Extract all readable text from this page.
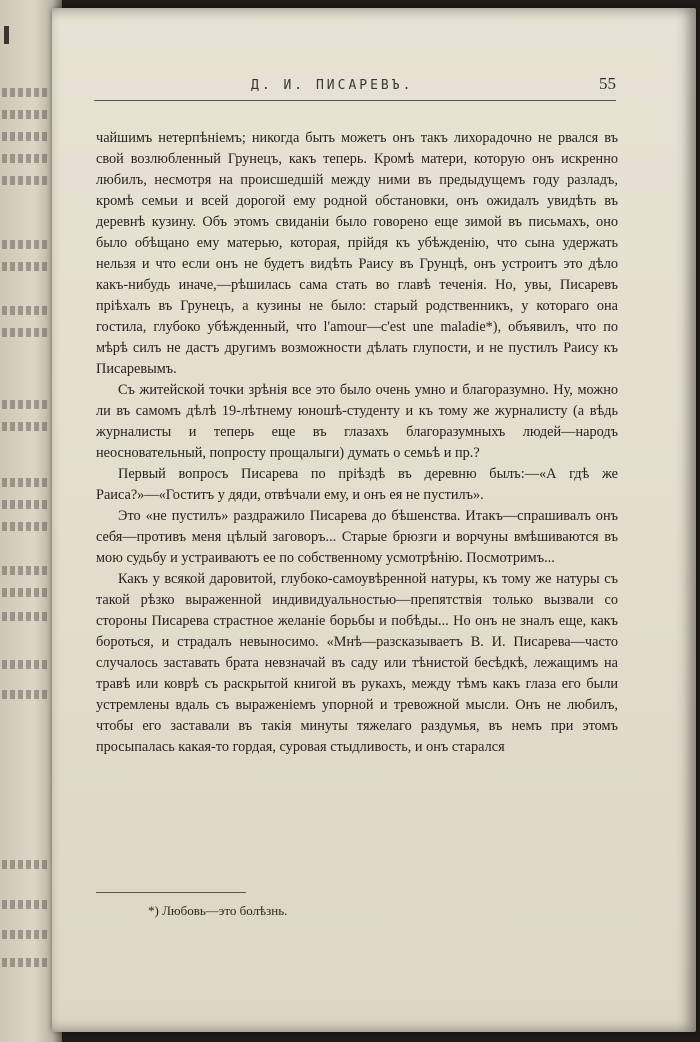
Д. И. ПИСАРЕВЪ.	55

чайшимъ нетерпѣніемъ; никогда быть можетъ онъ такъ лихорадочно не рвался въ свой возлюбленный Грунецъ, какъ теперь. Кромѣ матери, которую онъ искренно любилъ, несмотря на происшедшій между ними въ предыдущемъ году разладъ, кромѣ семьи и всей дорогой ему родной обстановки, онъ ожидалъ увидѣть въ деревнѣ кузину. Объ этомъ свиданіи было говорено еще зимой въ письмахъ, оно было обѣщано ему матерью, которая, прійдя къ убѣжденію, что сына удержать нельзя и что если онъ не будетъ видѣть Раису въ Грунцѣ, онъ устроитъ это дѣло какъ-нибудь иначе,—рѣшилась сама стать во главѣ теченія. Но, увы, Писаревъ пріѣхалъ въ Грунецъ, а кузины не было: старый родственникъ, у котораго она гостила, глубоко убѣжденный, что l'amour—c'est une maladie*), объявилъ, что по мѣрѣ силъ не дастъ другимъ возможности дѣлать глупости, и не пустилъ Раису къ Писаревымъ.

Съ житейской точки зрѣнія все это было очень умно и благоразумно. Ну, можно ли въ самомъ дѣлѣ 19-лѣтнему юношѣ-студенту и къ тому же журналисту (а вѣдь журналисты и теперь еще въ глазахъ благоразумныхъ людей—народъ неосновательный, попросту прощалыги) думать о семьѣ и пр.?

Первый вопросъ Писарева по пріѣздѣ въ деревню былъ:—«А гдѣ же Раиса?»—«Гоститъ у дяди, отвѣчали ему, и онъ ея не пустилъ».

Это «не пустилъ» раздражило Писарева до бѣшенства. Итакъ—спрашивалъ онъ себя—противъ меня цѣлый заговоръ... Старые брюзги и ворчуны вмѣшиваются въ мою судьбу и устраиваютъ ее по собственному усмотрѣнію. Посмотримъ...

Какъ у всякой даровитой, глубоко-самоувѣренной натуры, къ тому же натуры съ такой рѣзко выраженной индивидуальностью—препятствія только вызвали со стороны Писарева страстное желаніе борьбы и побѣды... Но онъ не зналъ еще, какъ бороться, и страдалъ невыносимо. «Мнѣ—разсказываетъ В. И. Писарева—часто случалось заставать брата невзначай въ саду или тѣнистой бесѣдкѣ, лежащимъ на травѣ или коврѣ съ раскрытой книгой въ рукахъ, между тѣмъ какъ глаза его были устремлены вдаль съ выраженіемъ упорной и тревожной мысли. Онъ не любилъ, чтобы его заставали въ такія минуты тяжелаго раздумья, въ немъ при этомъ просыпалась какая-то гордая, суровая стыдливость, и онъ старался

*) Любовь—это болѣзнь.
